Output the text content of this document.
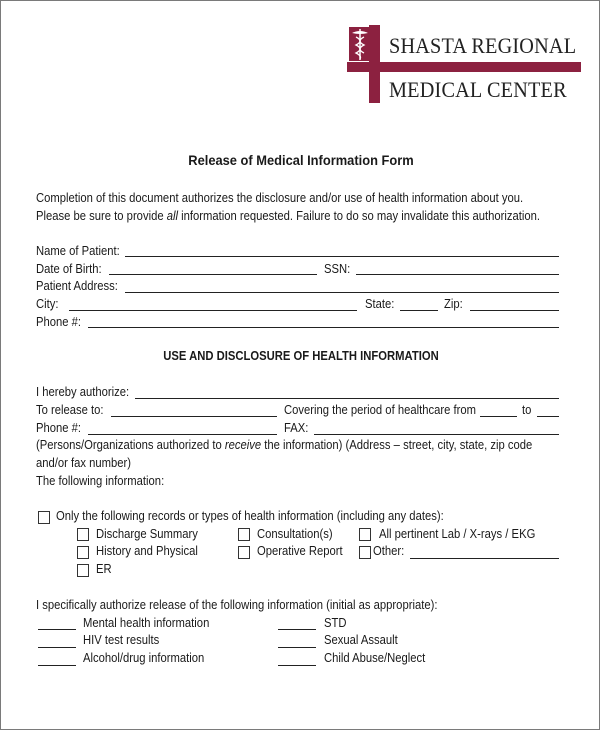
SHASTA REGIONAL
MEDICAL CENTER
Release of Medical Information Form
Completion of this document authorizes the disclosure and/or use of health information about you.
Please be sure to provide all information requested. Failure to do so may invalidate this authorization.
Name of Patient:
Date of Birth:	SSN:
Patient Address:
City:	State:	Zip:
Phone #:
USE AND DISCLOSURE OF HEALTH INFORMATION
I hereby authorize:
To release to:	Covering the period of healthcare from	to
Phone #:	FAX:
(Persons/Organizations authorized to receive the information) (Address – street, city, state, zip code
and/or fax number)
The following information:
Only the following records or types of health information (including any dates):
Discharge Summary	Consultation(s)	All pertinent Lab / X-rays / EKG
History and Physical	Operative Report Other:
ER
I specifically authorize release of the following information (initial as appropriate):
Mental health information	STD
HIV test results	Sexual Assault
Alcohol/drug information	Child Abuse/Neglect
